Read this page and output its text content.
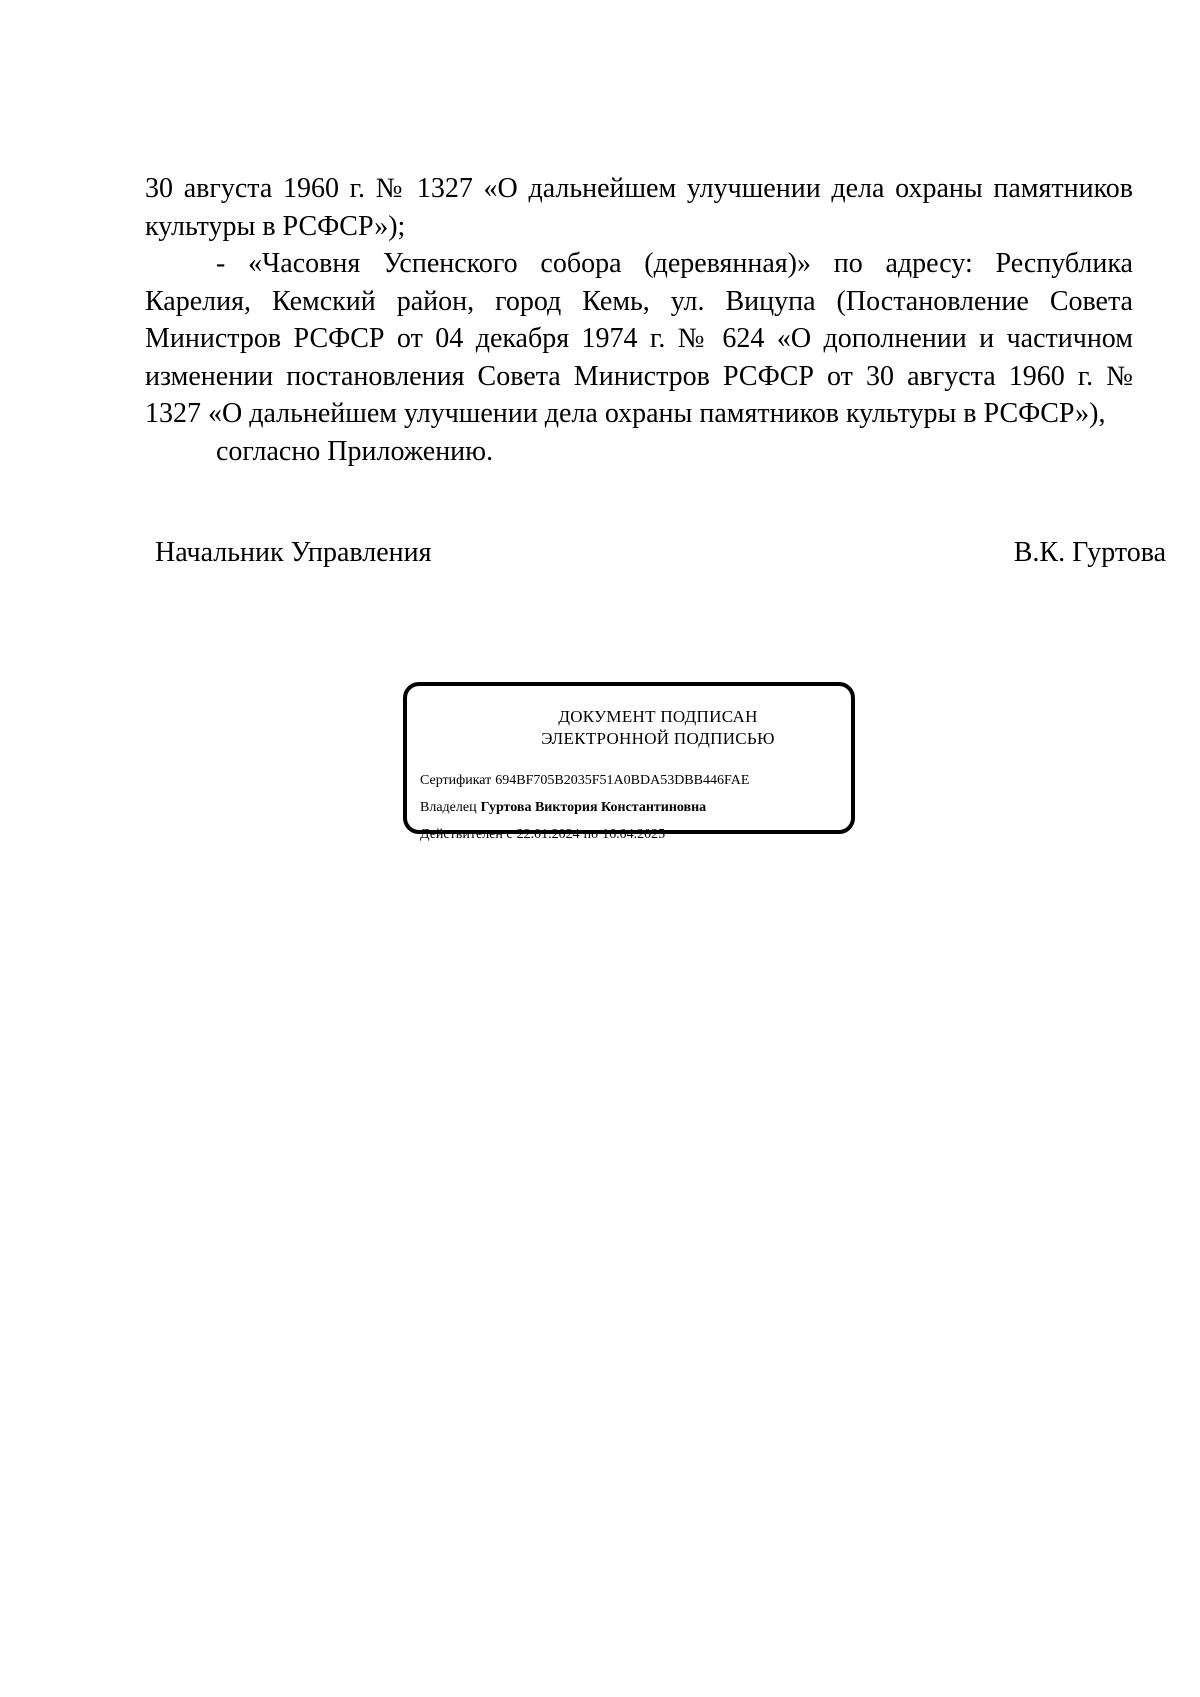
30 августа 1960 г. № 1327 «О дальнейшем улучшении дела охраны памятников культуры в РСФСР»);

- «Часовня Успенского собора (деревянная)» по адресу: Республика Карелия, Кемский район, город Кемь, ул. Вицупа (Постановление Совета Министров РСФСР от 04 декабря 1974 г. № 624 «О дополнении и частичном изменении постановления Совета Министров РСФСР от 30 августа 1960 г. № 1327 «О дальнейшем улучшении дела охраны памятников культуры в РСФСР»),

согласно Приложению.

Начальник Управления	В.К. Гуртова
ДОКУМЕНТ ПОДПИСАН
ЭЛЕКТРОННОЙ ПОДПИСЬЮ
Сертификат 694BF705B2035F51A0BDA53DBB446FAE
Владелец Гуртова Виктория Константиновна
Действителен с 22.01.2024 по 16.04.2025
